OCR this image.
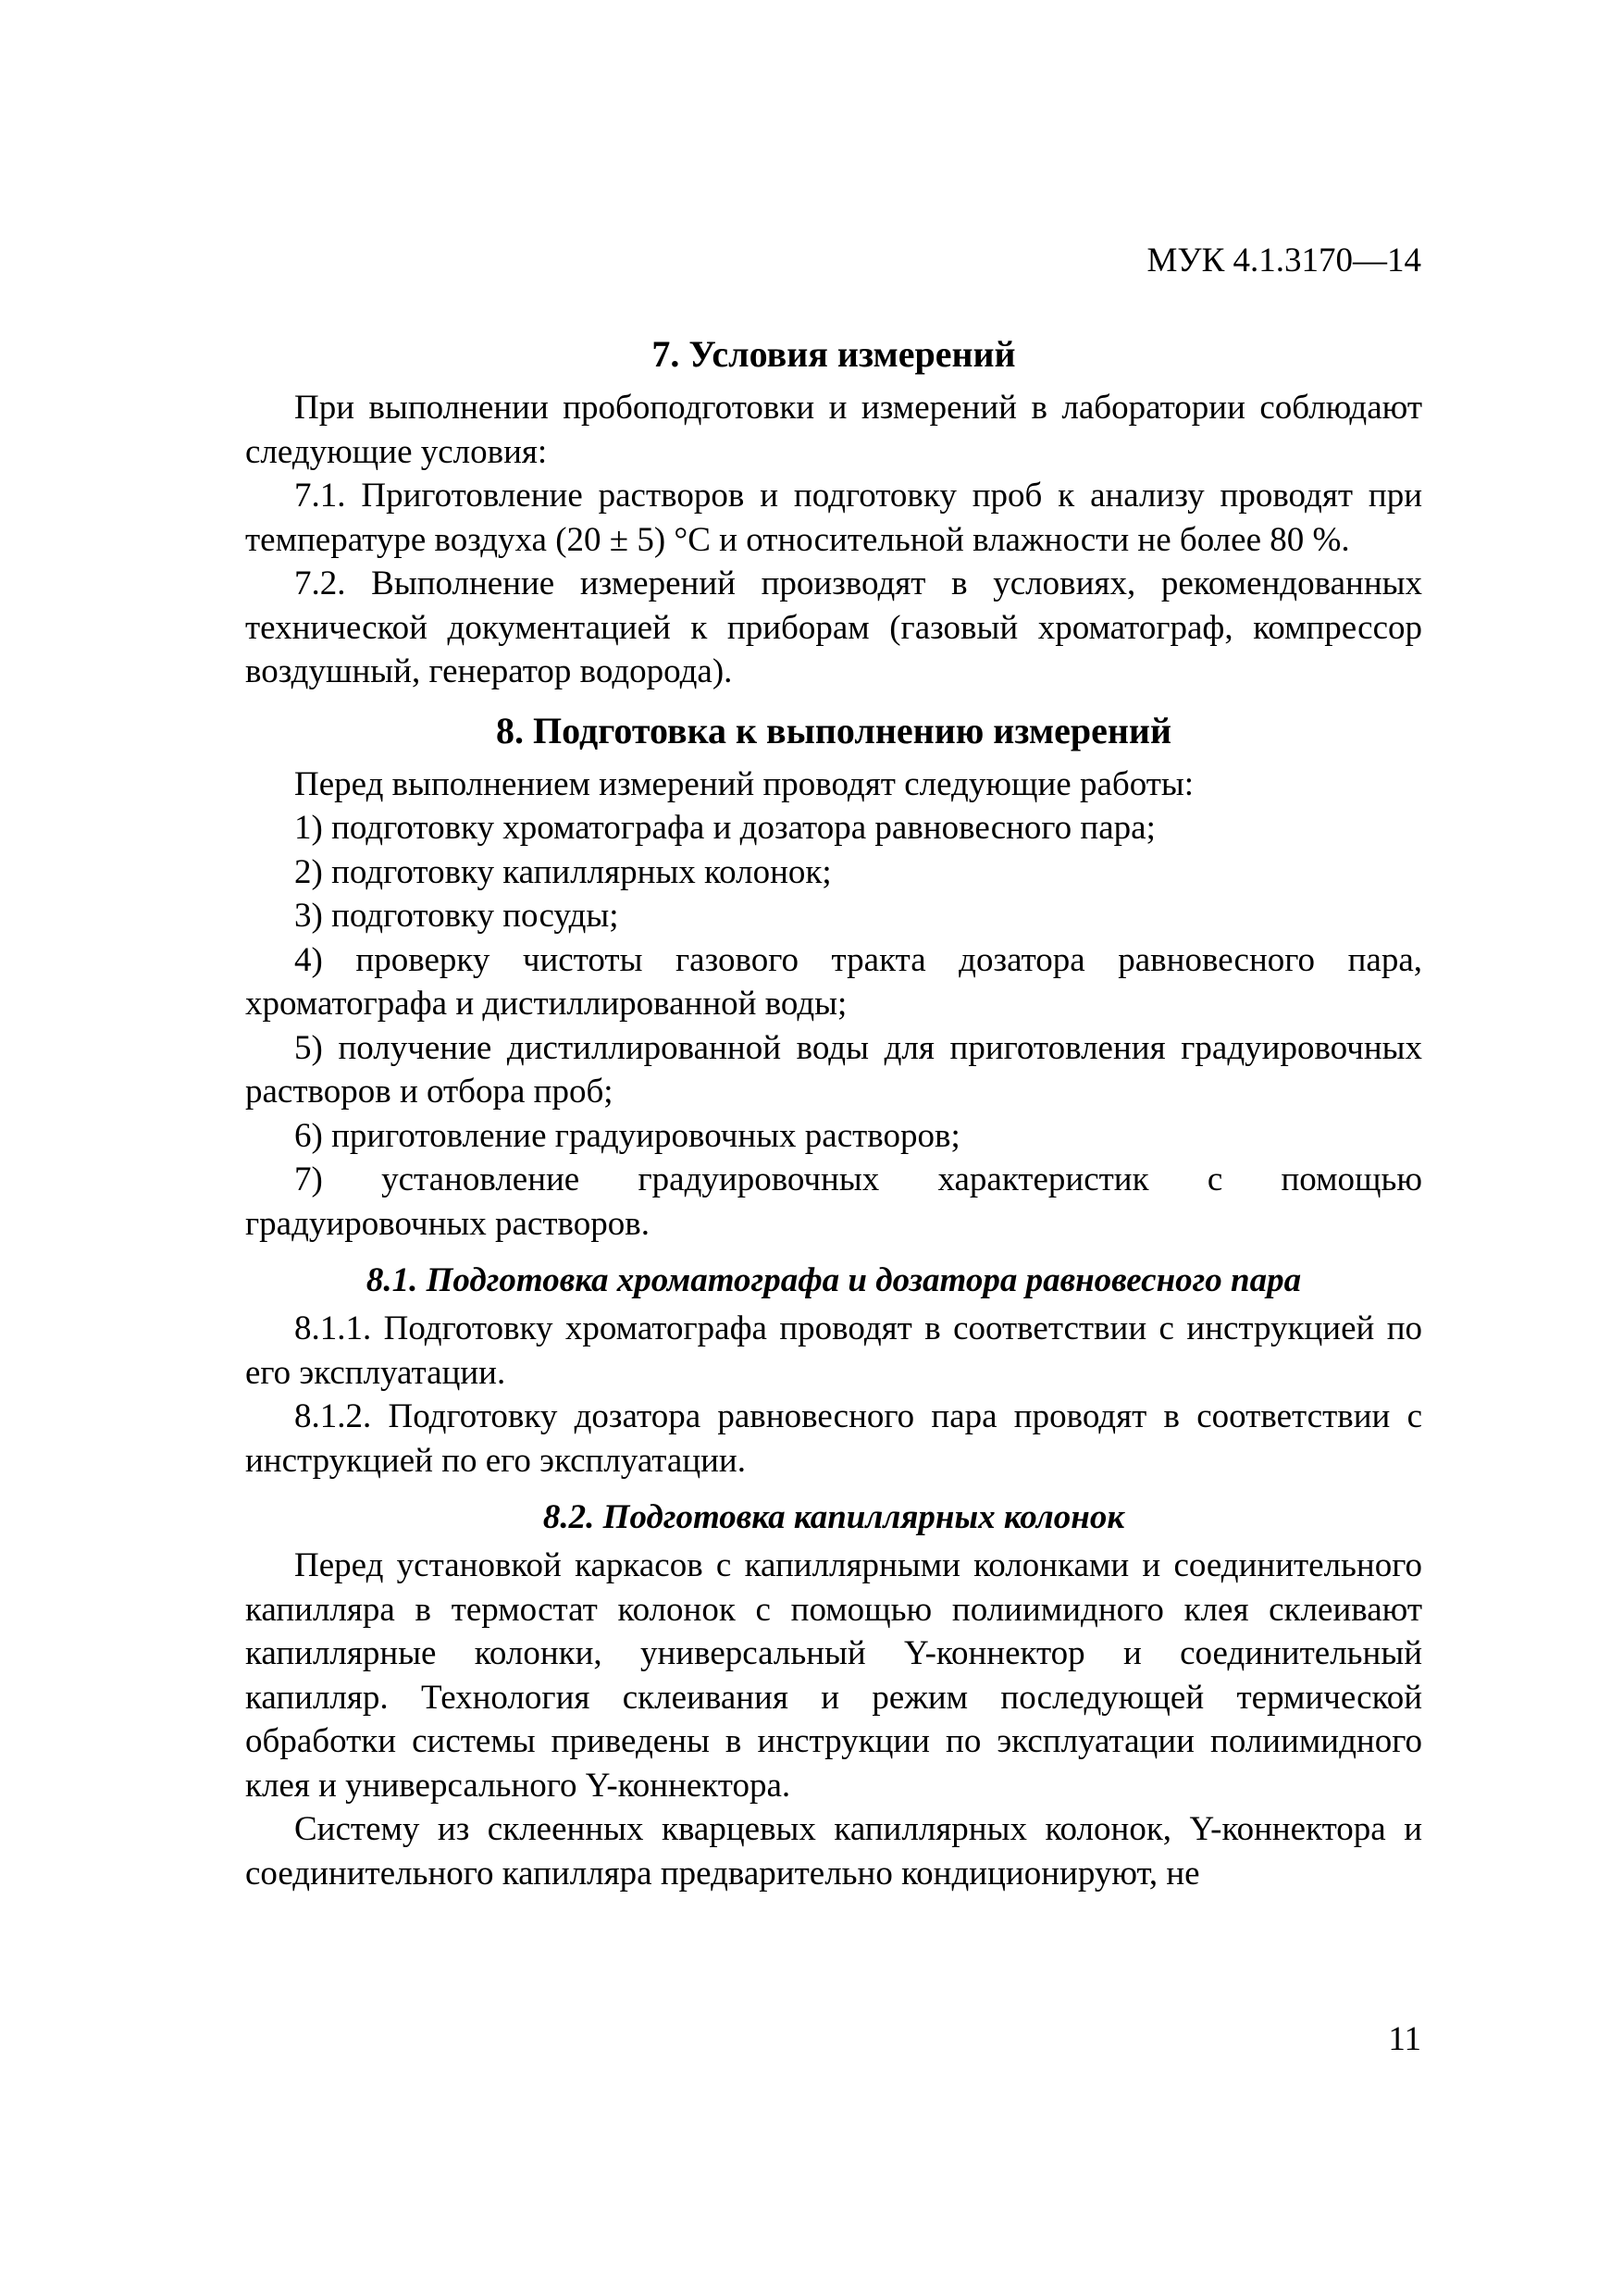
МУК 4.1.3170—14
7. Условия измерений

При выполнении пробоподготовки и измерений в лаборатории соблюдают следующие условия:

7.1. Приготовление растворов и подготовку проб к анализу проводят при температуре воздуха (20 ± 5) °С и относительной влажности не более 80 %.

7.2. Выполнение измерений производят в условиях, рекомендованных технической документацией к приборам (газовый хроматограф, компрессор воздушный, генератор водорода).

8. Подготовка к выполнению измерений

Перед выполнением измерений проводят следующие работы:

1) подготовку хроматографа и дозатора равновесного пара;

2) подготовку капиллярных колонок;

3) подготовку посуды;

4) проверку чистоты газового тракта дозатора равновесного пара, хроматографа и дистиллированной воды;

5) получение дистиллированной воды для приготовления градуировочных растворов и отбора проб;

6) приготовление градуировочных растворов;

7) установление градуировочных характеристик с помощью градуировочных растворов.

8.1. Подготовка хроматографа и дозатора равновесного пара

8.1.1. Подготовку хроматографа проводят в соответствии с инструкцией по его эксплуатации.

8.1.2. Подготовку дозатора равновесного пара проводят в соответствии с инструкцией по его эксплуатации.

8.2. Подготовка капиллярных колонок

Перед установкой каркасов с капиллярными колонками и соединительного капилляра в термостат колонок с помощью полиимидного клея склеивают капиллярные колонки, универсальный Y-коннектор и соединительный капилляр. Технология склеивания и режим последующей термической обработки системы приведены в инструкции по эксплуатации полиимидного клея и универсального Y-коннектора.

Систему из склеенных кварцевых капиллярных колонок, Y-коннектора и соединительного капилляра предварительно кондиционируют, не

11
